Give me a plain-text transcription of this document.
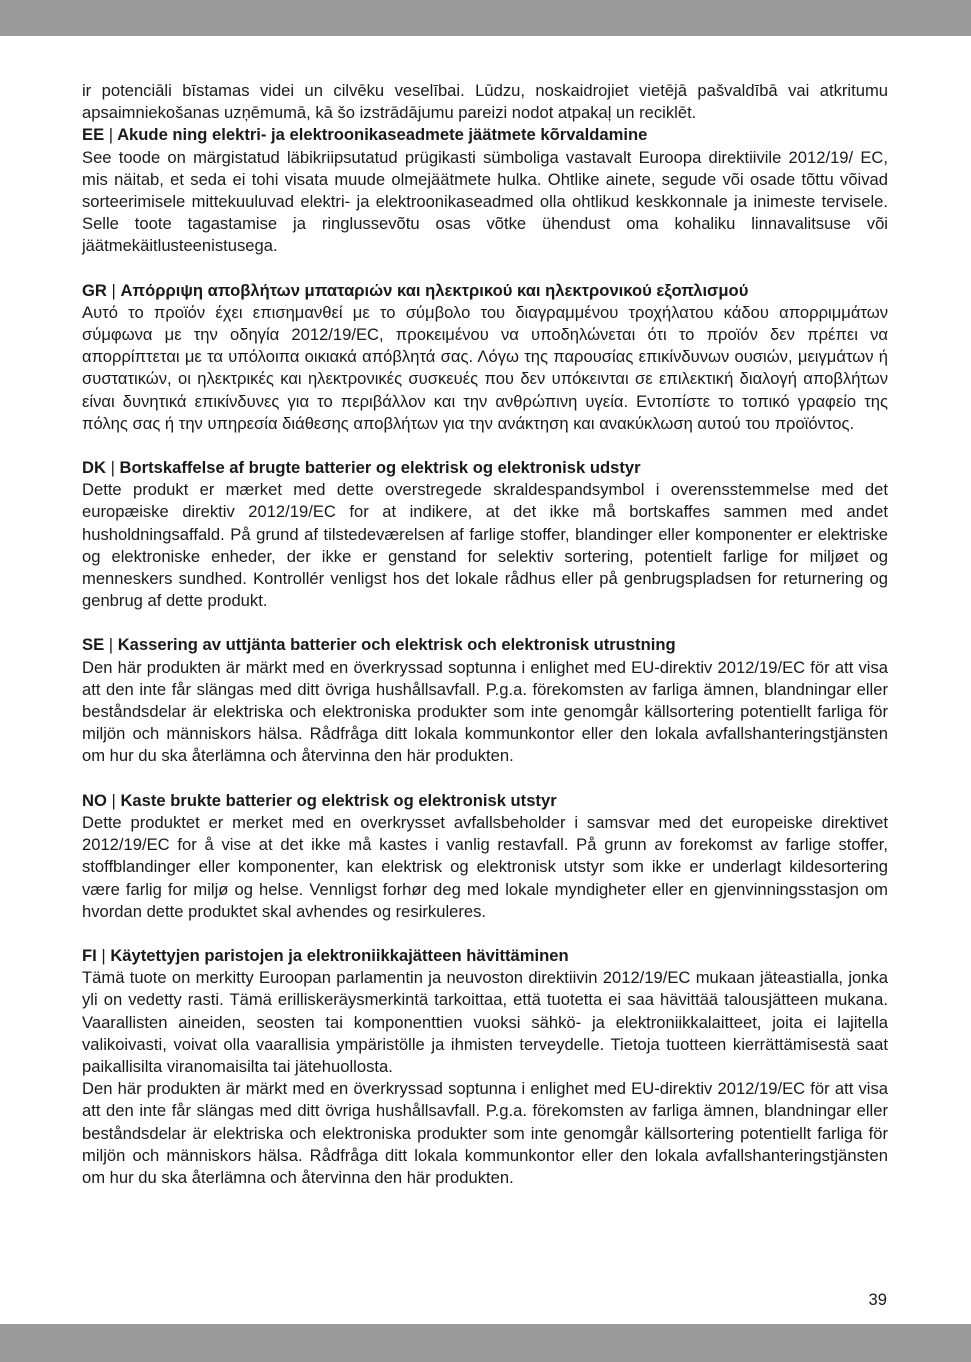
ir potenciāli bīstamas videi un cilvēku veselībai. Lūdzu, noskaidrojiet vietējā pašvaldībā vai atkritumu apsaimniekošanas uzņēmumā, kā šo izstrādājumu pareizi nodot atpakaļ un reciklēt.

EE | Akude ning elektri- ja elektroonikaseadmete jäätmete kõrvaldamine

See toode on märgistatud läbikriipsutatud prügikasti sümboliga vastavalt Euroopa direktiivile 2012/19/ EC, mis näitab, et seda ei tohi visata muude olmejäätmete hulka. Ohtlike ainete, segude või osade tõttu võivad sorteerimisele mittekuuluvad elektri- ja elektroonikaseadmed olla ohtlikud keskkonnale ja inimeste tervisele. Selle toote tagastamise ja ringlussevõtu osas võtke ühendust oma kohaliku linnavalitsuse või jäätmekäitlusteenistusega.

GR | Απόρριψη αποβλήτων μπαταριών και ηλεκτρικού και ηλεκτρονικού εξοπλισμού

Αυτό το προϊόν έχει επισημανθεί με το σύμβολο του διαγραμμένου τροχήλατου κάδου απορριμμάτων σύμφωνα με την οδηγία 2012/19/EC, προκειμένου να υποδηλώνεται ότι το προϊόν δεν πρέπει να απορρίπτεται με τα υπόλοιπα οικιακά απόβλητά σας. Λόγω της παρουσίας επικίνδυνων ουσιών, μειγμάτων ή συστατικών, οι ηλεκτρικές και ηλεκτρονικές συσκευές που δεν υπόκεινται σε επιλεκτική διαλογή αποβλήτων είναι δυνητικά επικίνδυνες για το περιβάλλον και την ανθρώπινη υγεία. Εντοπίστε το τοπικό γραφείο της πόλης σας ή την υπηρεσία διάθεσης αποβλήτων για την ανάκτηση και ανακύκλωση αυτού του προϊόντος.

DK | Bortskaffelse af brugte batterier og elektrisk og elektronisk udstyr

Dette produkt er mærket med dette overstregede skraldespandsymbol i overensstemmelse med det europæiske direktiv 2012/19/EC for at indikere, at det ikke må bortskaffes sammen med andet husholdningsaffald. På grund af tilstedeværelsen af farlige stoffer, blandinger eller komponenter er elektriske og elektroniske enheder, der ikke er genstand for selektiv sortering, potentielt farlige for miljøet og menneskers sundhed. Kontrollér venligst hos det lokale rådhus eller på genbrugspladsen for returnering og genbrug af dette produkt.

SE | Kassering av uttjänta batterier och elektrisk och elektronisk utrustning

Den här produkten är märkt med en överkryssad soptunna i enlighet med EU-direktiv 2012/19/EC för att visa att den inte får slängas med ditt övriga hushållsavfall. P.g.a. förekomsten av farliga ämnen, blandningar eller beståndsdelar är elektriska och elektroniska produkter som inte genomgår källsortering potentiellt farliga för miljön och människors hälsa. Rådfråga ditt lokala kommunkontor eller den lokala avfallshanteringstjänsten om hur du ska återlämna och återvinna den här produkten.

NO | Kaste brukte batterier og elektrisk og elektronisk utstyr

Dette produktet er merket med en overkrysset avfallsbeholder i samsvar med det europeiske direktivet 2012/19/EC for å vise at det ikke må kastes i vanlig restavfall. På grunn av forekomst av farlige stoffer, stoffblandinger eller komponenter, kan elektrisk og elektronisk utstyr som ikke er underlagt kildesortering være farlig for miljø og helse. Vennligst forhør deg med lokale myndigheter eller en gjenvinningsstasjon om hvordan dette produktet skal avhendes og resirkuleres.

FI | Käytettyjen paristojen ja elektroniikkajätteen hävittäminen

Tämä tuote on merkitty Euroopan parlamentin ja neuvoston direktiivin 2012/19/EC mukaan jäteastialla, jonka yli on vedetty rasti. Tämä erilliskeräysmerkintä tarkoittaa, että tuotetta ei saa hävittää talousjätteen mukana. Vaarallisten aineiden, seosten tai komponenttien vuoksi sähkö- ja elektroniikkalaitteet, joita ei lajitella valikoivasti, voivat olla vaarallisia ympäristölle ja ihmisten terveydelle. Tietoja tuotteen kierrättämisestä saat paikallisilta viranomaisilta tai jätehuollosta.

Den här produkten är märkt med en överkryssad soptunna i enlighet med EU-direktiv 2012/19/EC för att visa att den inte får slängas med ditt övriga hushållsavfall. P.g.a. förekomsten av farliga ämnen, blandningar eller beståndsdelar är elektriska och elektroniska produkter som inte genomgår källsortering potentiellt farliga för miljön och människors hälsa. Rådfråga ditt lokala kommunkontor eller den lokala avfallshanteringstjänsten om hur du ska återlämna och återvinna den här produkten.

39
